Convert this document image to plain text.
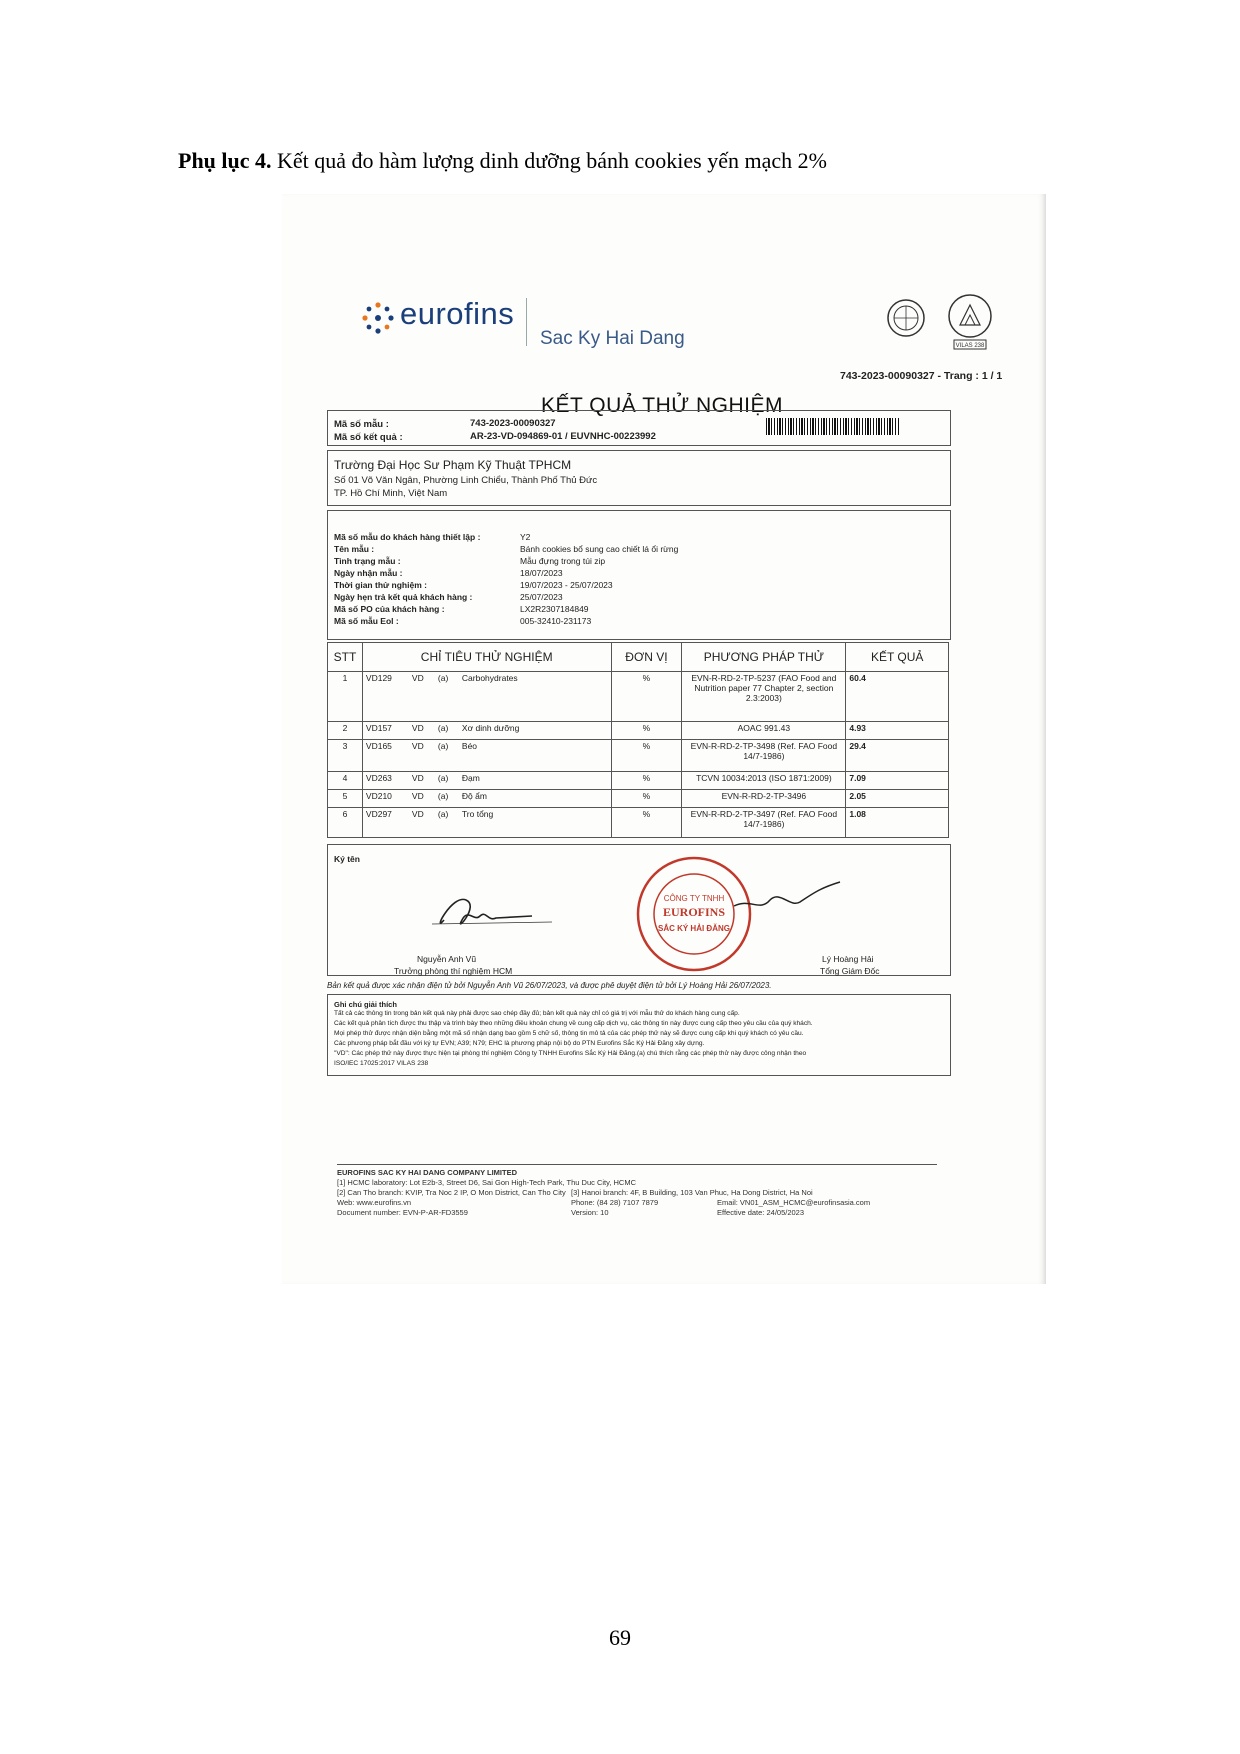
Phụ lục 4. Kết quả đo hàm lượng dinh dưỡng bánh cookies yến mạch 2%
eurofins
Sac Ky Hai Dang	VILAS 238
743-2023-00090327 - Trang : 1 / 1
KẾT QUẢ THỬ NGHIỆM
Mã số mẫu :	743-2023-00090327
Mã số kết quả :	AR-23-VD-094869-01 / EUVNHC-00223992
Trường Đại Học Sư Phạm Kỹ Thuật TPHCM
Số 01 Võ Văn Ngân, Phường Linh Chiểu, Thành Phố Thủ Đức
TP. Hồ Chí Minh, Việt Nam
Mã số mẫu do khách hàng thiết lập :	Y2
Tên mẫu :	Bánh cookies bổ sung cao chiết lá ổi rừng
Tình trạng mẫu :	Mẫu đựng trong túi zip
Ngày nhận mẫu :	18/07/2023
Thời gian thử nghiệm :	19/07/2023 - 25/07/2023
Ngày hẹn trả kết quả khách hàng :	25/07/2023
Mã số PO của khách hàng :	LX2R2307184849
Mã số mẫu Eol :	005-32410-231173
STT	CHỈ TIÊU THỬ NGHIỆM	ĐƠN VỊ	PHƯƠNG PHÁP THỬ	KẾT QUẢ
1	VD129 VD (a) Carbohydrates	%	EVN-R-RD-2-TP-5237 (FAO Food and Nutrition paper 77 Chapter 2, section 2.3:2003)	60.4
2	VD157 VD (a) Xơ dinh dưỡng	%	AOAC 991.43	4.93
3	VD165 VD (a) Béo	%	EVN-R-RD-2-TP-3498 (Ref. FAO Food 14/7-1986)	29.4
4	VD263 VD (a) Đạm	%	TCVN 10034:2013 (ISO 1871:2009)	7.09
5	VD210 VD (a) Độ ẩm	%	EVN-R-RD-2-TP-3496	2.05
6	VD297 VD (a) Tro tổng	%	EVN-R-RD-2-TP-3497 (Ref. FAO Food 14/7-1986)	1.08
Ký tên
Nguyễn Anh Vũ
Trưởng phòng thí nghiệm HCM
CÔNG TY TNHH
EUROFINS
SẮC KÝ HẢI ĐĂNG
Lý Hoàng Hải
Tổng Giám Đốc
Bản kết quả được xác nhận điện tử bởi Nguyễn Anh Vũ 26/07/2023, và được phê duyệt điện tử bởi Lý Hoàng Hải 26/07/2023.
Ghi chú giải thích
Tất cả các thông tin trong bản kết quả này phải được sao chép đầy đủ; bản kết quả này chỉ có giá trị với mẫu thử do khách hàng cung cấp.
Các kết quả phân tích được thu thập và trình bày theo những điều khoản chung về cung cấp dịch vụ, các thông tin này được cung cấp theo yêu cầu của quý khách.
Mọi phép thử được nhận diện bằng một mã số nhận dạng bao gồm 5 chữ số, thông tin mô tả của các phép thử này sẽ được cung cấp khi quý khách có yêu cầu.
Các phương pháp bắt đầu với ký tự EVN; A39; N79; EHC là phương pháp nội bộ do PTN Eurofins Sắc Ký Hải Đăng xây dựng.
"VD": Các phép thử này được thực hiện tại phòng thí nghiệm Công ty TNHH Eurofins Sắc Ký Hải Đăng.(a) chú thích rằng các phép thử này được công nhận theo
ISO/IEC 17025:2017 VILAS 238
EUROFINS SAC KY HAI DANG COMPANY LIMITED
[1] HCMC laboratory: Lot E2b-3, Street D6, Sai Gon High-Tech Park, Thu Duc City, HCMC
[2] Can Tho branch: KVIP, Tra Noc 2 IP, O Mon District, Can Tho City [3] Hanoi branch: 4F, B Building, 103 Van Phuc, Ha Dong District, Ha Noi
Web: www.eurofins.vn	Phone: (84 28) 7107 7879	Email: VN01_ASM_HCMC@eurofinsasia.com
Document number: EVN-P-AR-FD3559	Version: 10	Effective date: 24/05/2023
69
